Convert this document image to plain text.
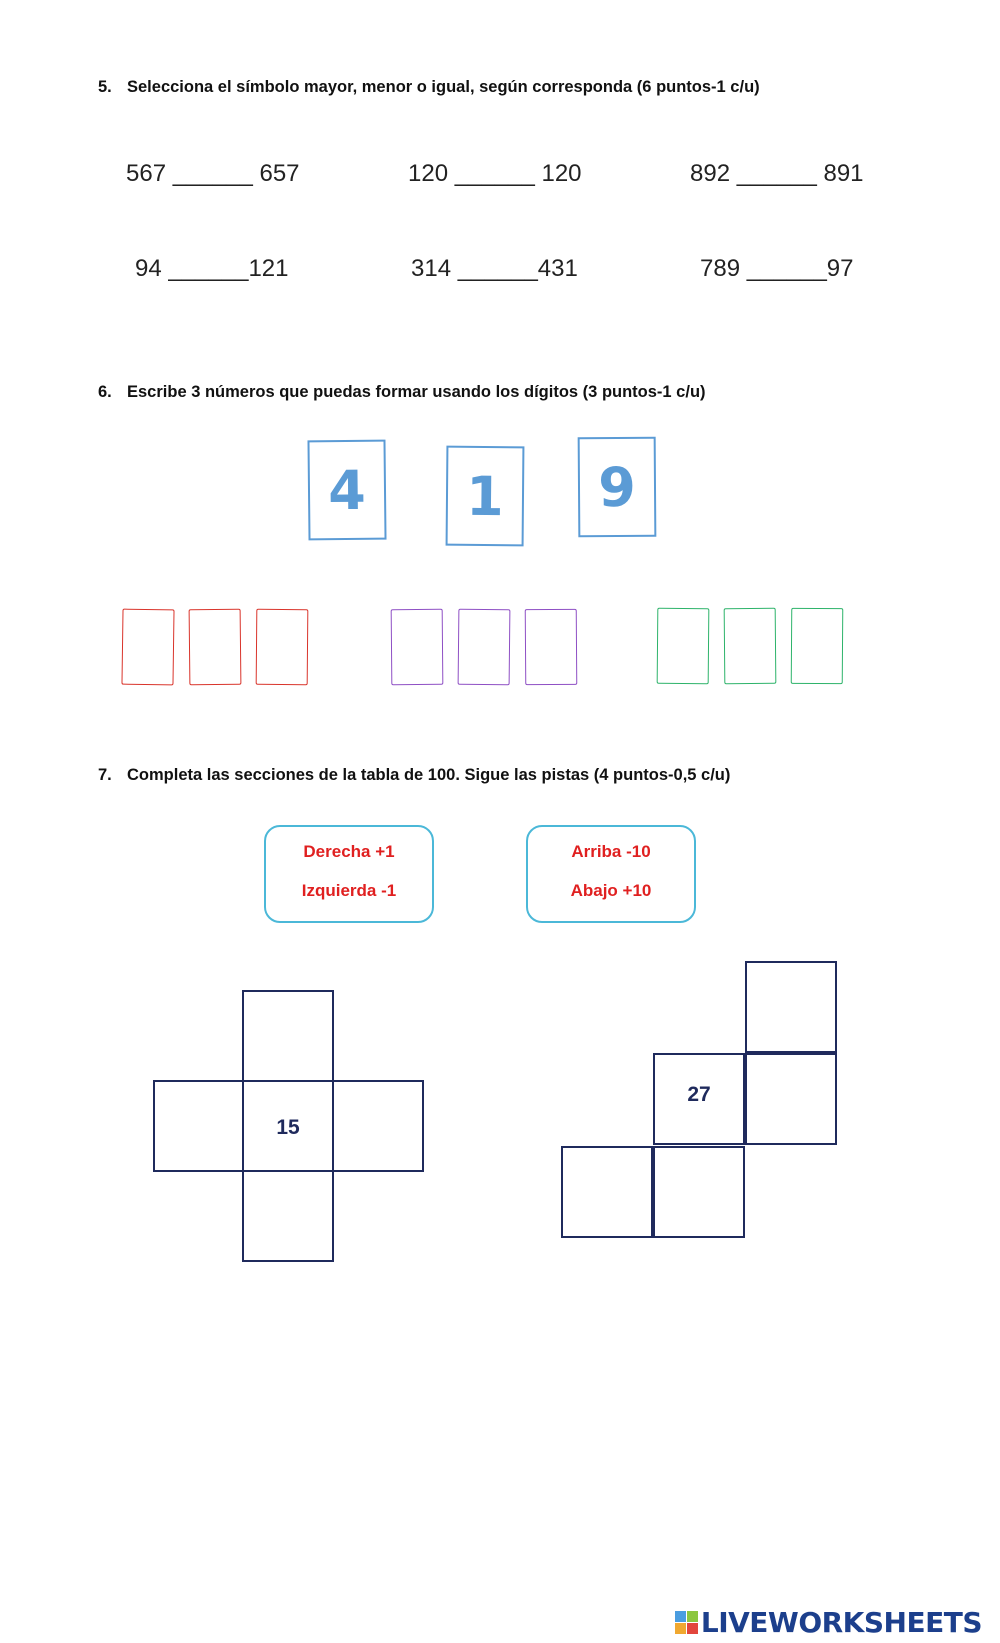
5. Selecciona el símbolo mayor, menor o igual, según corresponda (6 puntos-1 c/u)
567 ______ 657	120 ______ 120	892 ______ 891
94 ______121	314 ______431	789 ______97
6. Escribe 3 números que puedas formar usando los dígitos (3 puntos-1 c/u)
4	1	9
7. Completa las secciones de la tabla de 100. Sigue las pistas (4 puntos-0,5 c/u)
Derecha +1
Izquierda -1
Arriba -10
Abajo +10
15
27
LIVEWORKSHEETS
